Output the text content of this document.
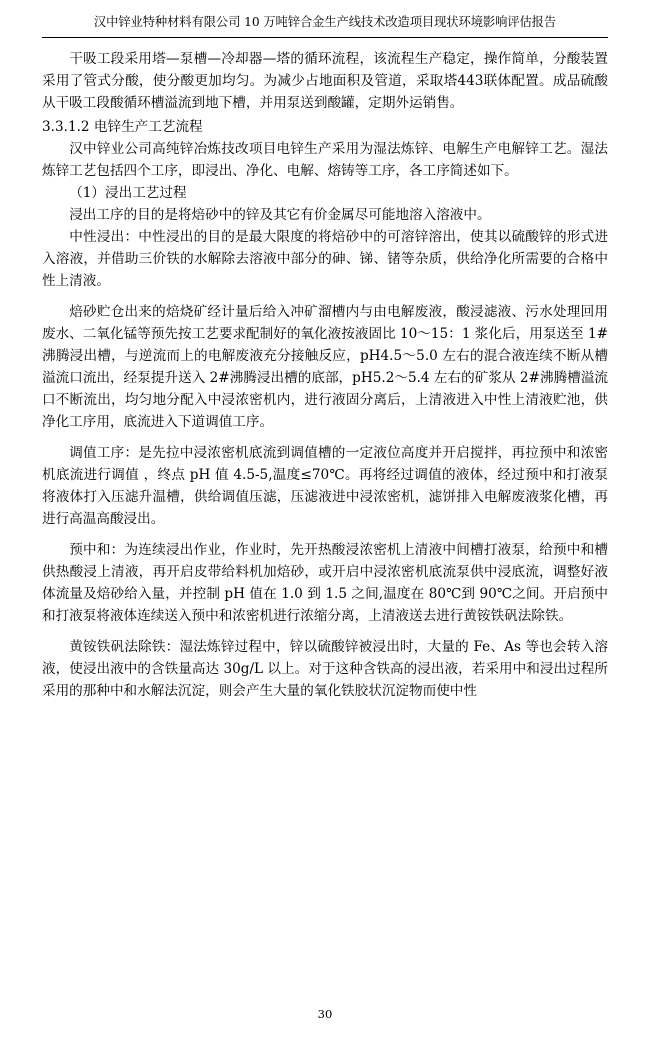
汉中锌业特种材料有限公司 10 万吨锌合金生产线技术改造项目现状环境影响评估报告

干吸工段采用塔—泵槽—冷却器—塔的循环流程，该流程生产稳定，操作简单，分酸装置采用了管式分酸，使分酸更加均匀。为减少占地面积及管道，采取塔443联体配置。成品硫酸从干吸工段酸循环槽溢流到地下槽，并用泵送到酸罐，定期外运销售。

3.3.1.2 电锌生产工艺流程

汉中锌业公司高纯锌冶炼技改项目电锌生产采用为湿法炼锌、电解生产电解锌工艺。湿法炼锌工艺包括四个工序，即浸出、净化、电解、熔铸等工序，各工序简述如下。

（1）浸出工艺过程

浸出工序的目的是将焙砂中的锌及其它有价金属尽可能地溶入溶液中。

中性浸出：中性浸出的目的是最大限度的将焙砂中的可溶锌溶出，使其以硫酸锌的形式进入溶液，并借助三价铁的水解除去溶液中部分的砷、锑、锗等杂质，供给净化所需要的合格中性上清液。

焙砂贮仓出来的焙烧矿经计量后给入冲矿溜槽内与由电解废液，酸浸滤液、污水处理回用废水、二氧化锰等预先按工艺要求配制好的氧化液按液固比 10～15：1 浆化后，用泵送至 1#沸腾浸出槽，与逆流而上的电解废液充分接触反应，pH4.5～5.0 左右的混合液连续不断从槽溢流口流出，经泵提升送入 2#沸腾浸出槽的底部，pH5.2～5.4 左右的矿浆从 2#沸腾槽溢流口不断流出，均匀地分配入中浸浓密机内，进行液固分离后，上清液进入中性上清液贮池，供净化工序用，底流进入下道调值工序。

调值工序：是先拉中浸浓密机底流到调值槽的一定液位高度并开启搅拌，再拉预中和浓密机底流进行调值 ，终点 pH 值 4.5-5,温度≤70℃。再将经过调值的液体，经过预中和打液泵将液体打入压滤升温槽，供给调值压滤，压滤液进中浸浓密机，滤饼排入电解废液浆化槽，再进行高温高酸浸出。

预中和：为连续浸出作业，作业时，先开热酸浸浓密机上清液中间槽打液泵，给预中和槽供热酸浸上清液，再开启皮带给料机加焙砂，或开启中浸浓密机底流泵供中浸底流，调整好液体流量及焙砂给入量，并控制 pH 值在 1.0 到 1.5 之间,温度在 80℃到 90℃之间。开启预中和打液泵将液体连续送入预中和浓密机进行浓缩分离，上清液送去进行黄铵铁矾法除铁。

黄铵铁矾法除铁：湿法炼锌过程中，锌以硫酸锌被浸出时，大量的 Fe、As 等也会转入溶液，使浸出液中的含铁量高达 30g/L 以上。对于这种含铁高的浸出液，若采用中和浸出过程所采用的那种中和水解法沉淀，则会产生大量的氧化铁胶状沉淀物而使中性

30
